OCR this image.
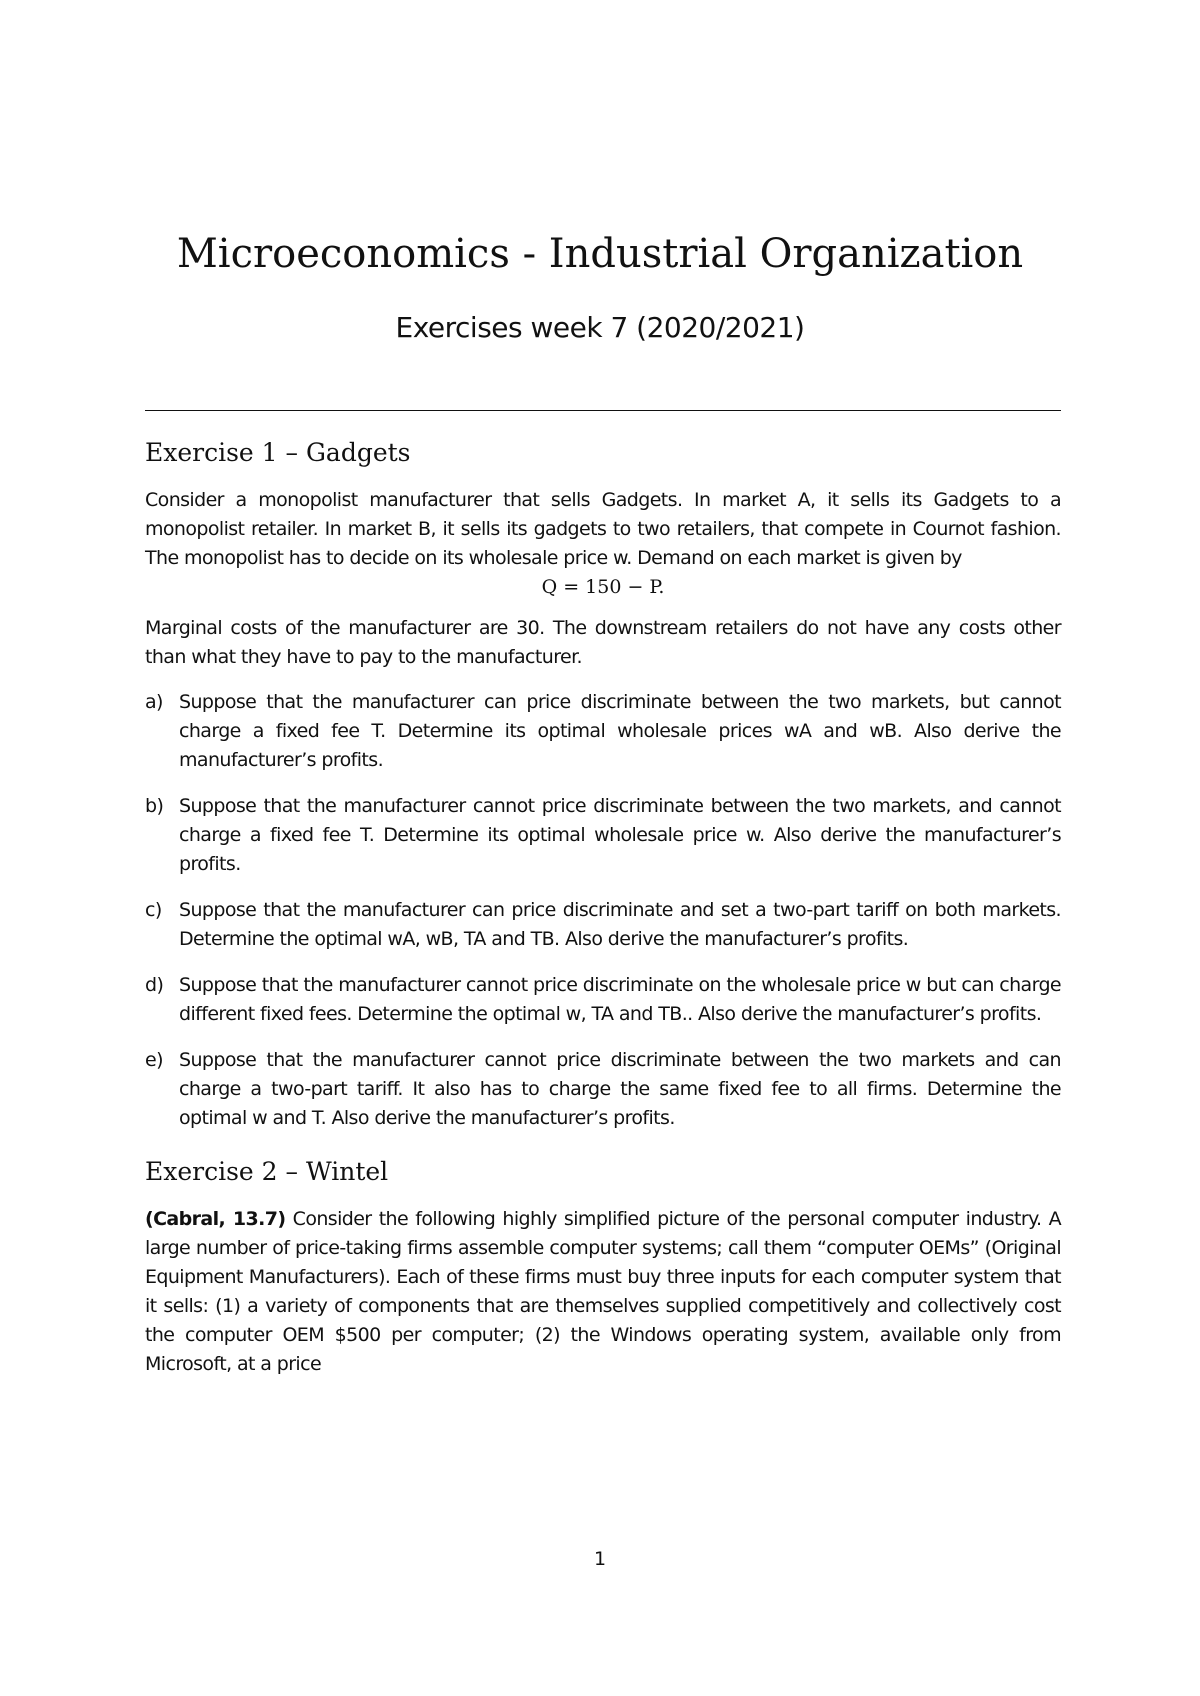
Microeconomics - Industrial Organization
Exercises week 7 (2020/2021)
Exercise 1 – Gadgets

Consider a monopolist manufacturer that sells Gadgets. In market A, it sells its Gadgets to a monopolist retailer. In market B, it sells its gadgets to two retailers, that compete in Cournot fashion. The monopolist has to decide on its wholesale price w. Demand on each market is given by

Q = 150 − P.

Marginal costs of the manufacturer are 30. The downstream retailers do not have any costs other than what they have to pay to the manufacturer.

a) Suppose that the manufacturer can price discriminate between the two markets, but cannot charge a fixed fee T. Determine its optimal wholesale prices wA and wB. Also derive the manufacturer’s profits.
b) Suppose that the manufacturer cannot price discriminate between the two markets, and cannot charge a fixed fee T. Determine its optimal wholesale price w. Also derive the manufacturer’s profits.
c) Suppose that the manufacturer can price discriminate and set a two-part tariff on both markets. Determine the optimal wA, wB, TA and TB. Also derive the manufacturer’s profits.
d) Suppose that the manufacturer cannot price discriminate on the wholesale price w but can charge different fixed fees. Determine the optimal w, TA and TB.. Also derive the manufacturer’s profits.
e) Suppose that the manufacturer cannot price discriminate between the two markets and can charge a two-part tariff. It also has to charge the same fixed fee to all firms. Determine the optimal w and T. Also derive the manufacturer’s profits.
Exercise 2 – Wintel

(Cabral, 13.7) Consider the following highly simplified picture of the personal computer industry. A large number of price-taking firms assemble computer systems; call them “computer OEMs” (Original Equipment Manufacturers). Each of these firms must buy three inputs for each computer system that it sells: (1) a variety of components that are themselves supplied competitively and collectively cost the computer OEM $500 per computer; (2) the Windows operating system, available only from Microsoft, at a price

1
